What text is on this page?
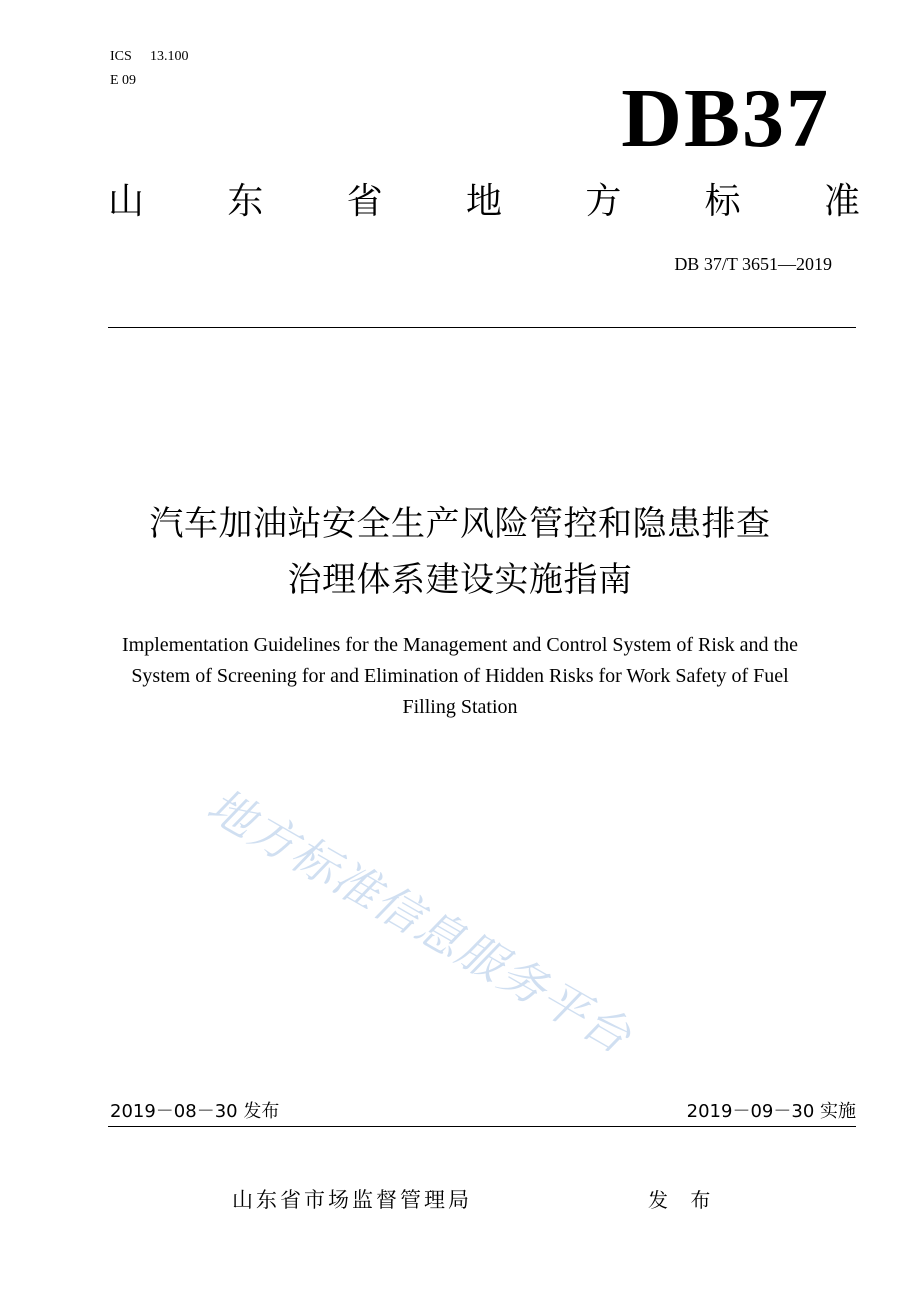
ICS 13.100
E 09	DB37
山 东 省 地 方 标 准
DB 37/T 3651—2019
汽车加油站安全生产风险管控和隐患排查
治理体系建设实施指南
Implementation Guidelines for the Management and Control System of Risk and the
System of Screening for and Elimination of Hidden Risks for Work Safety of Fuel
Filling Station
地方标准信息服务平台
2019－08－30 发布	2019－09－30 实施
山东省市场监督管理局	发 布
